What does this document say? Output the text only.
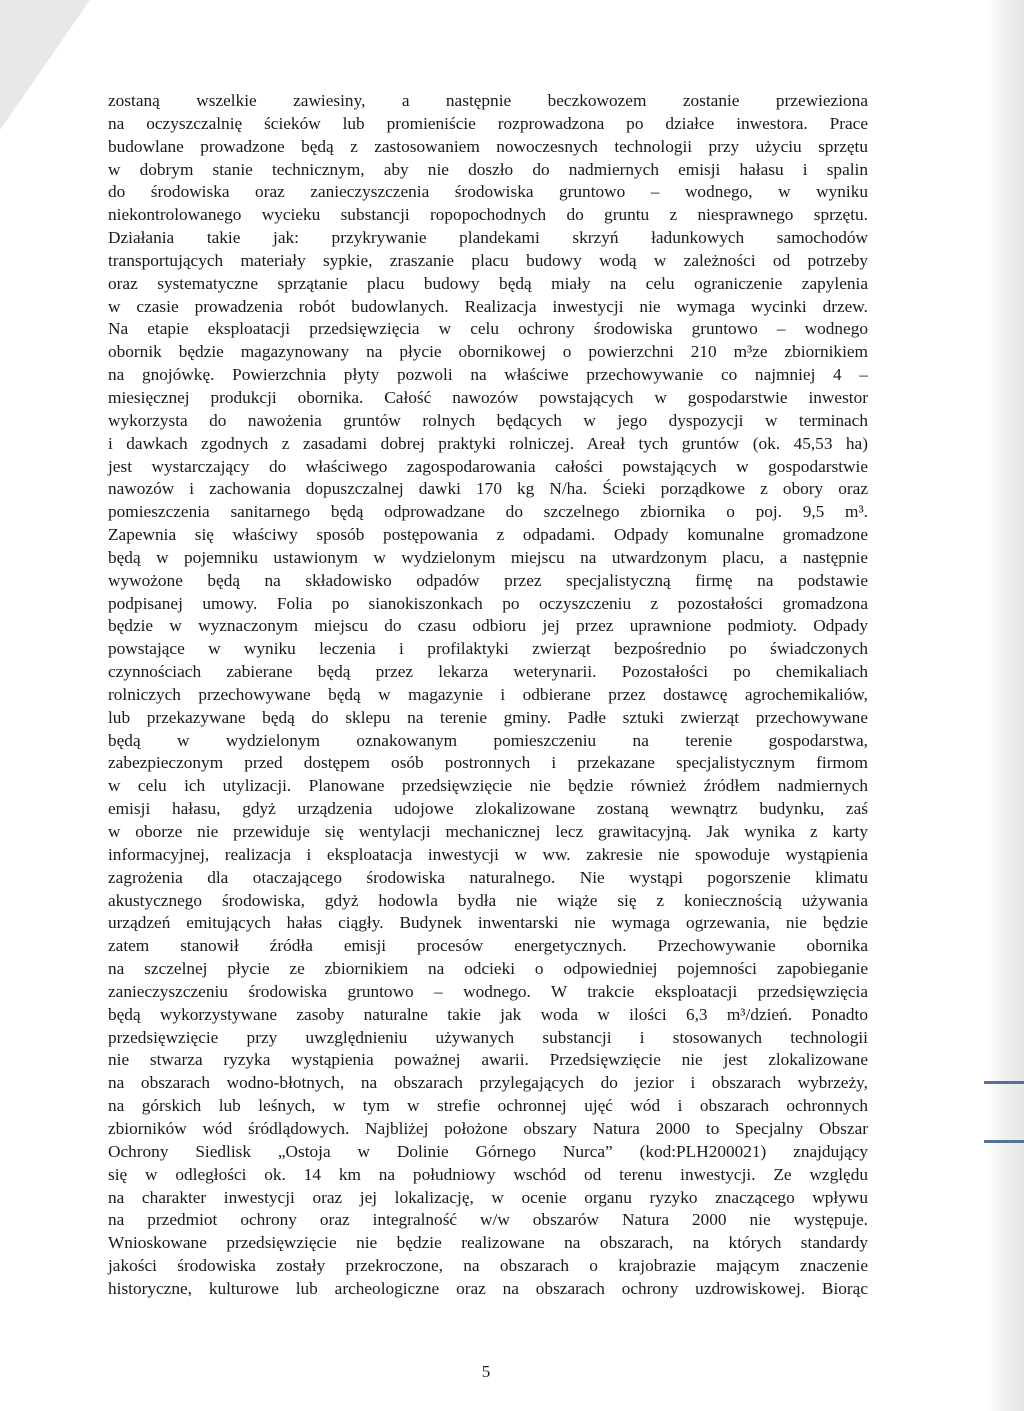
zostaną wszelkie zawiesiny, a następnie beczkowozem zostanie przewieziona
na oczyszczalnię ścieków lub promieniście rozprowadzona po działce inwestora. Prace
budowlane prowadzone będą z zastosowaniem nowoczesnych technologii przy użyciu sprzętu
w dobrym stanie technicznym, aby nie doszło do nadmiernych emisji hałasu i spalin
do środowiska oraz zanieczyszczenia środowiska gruntowo – wodnego, w wyniku
niekontrolowanego wycieku substancji ropopochodnych do gruntu z niesprawnego sprzętu.
Działania takie jak: przykrywanie plandekami skrzyń ładunkowych samochodów
transportujących materiały sypkie, zraszanie placu budowy wodą w zależności od potrzeby
oraz systematyczne sprzątanie placu budowy będą miały na celu ograniczenie zapylenia
w czasie prowadzenia robót budowlanych. Realizacja inwestycji nie wymaga wycinki drzew.
Na etapie eksploatacji przedsięwzięcia w celu ochrony środowiska gruntowo – wodnego
obornik będzie magazynowany na płycie obornikowej o powierzchni 210 m³ze zbiornikiem
na gnojówkę. Powierzchnia płyty pozwoli na właściwe przechowywanie co najmniej 4 –
miesięcznej produkcji obornika. Całość nawozów powstających w gospodarstwie inwestor
wykorzysta do nawożenia gruntów rolnych będących w jego dyspozycji w terminach
i dawkach zgodnych z zasadami dobrej praktyki rolniczej. Areał tych gruntów (ok. 45,53 ha)
jest wystarczający do właściwego zagospodarowania całości powstających w gospodarstwie
nawozów i zachowania dopuszczalnej dawki 170 kg N/ha. Ścieki porządkowe z obory oraz
pomieszczenia sanitarnego będą odprowadzane do szczelnego zbiornika o poj. 9,5 m³.
Zapewnia się właściwy sposób postępowania z odpadami. Odpady komunalne gromadzone
będą w pojemniku ustawionym w wydzielonym miejscu na utwardzonym placu, a następnie
wywożone będą na składowisko odpadów przez specjalistyczną firmę na podstawie
podpisanej umowy. Folia po sianokiszonkach po oczyszczeniu z pozostałości gromadzona
będzie w wyznaczonym miejscu do czasu odbioru jej przez uprawnione podmioty. Odpady
powstające w wyniku leczenia i profilaktyki zwierząt bezpośrednio po świadczonych
czynnościach zabierane będą przez lekarza weterynarii. Pozostałości po chemikaliach
rolniczych przechowywane będą w magazynie i odbierane przez dostawcę agrochemikaliów,
lub przekazywane będą do sklepu na terenie gminy. Padłe sztuki zwierząt przechowywane
będą w wydzielonym oznakowanym pomieszczeniu na terenie gospodarstwa,
zabezpieczonym przed dostępem osób postronnych i przekazane specjalistycznym firmom
w celu ich utylizacji. Planowane przedsięwzięcie nie będzie również źródłem nadmiernych
emisji hałasu, gdyż urządzenia udojowe zlokalizowane zostaną wewnątrz budynku, zaś
w oborze nie przewiduje się wentylacji mechanicznej lecz grawitacyjną. Jak wynika z karty
informacyjnej, realizacja i eksploatacja inwestycji w ww. zakresie nie spowoduje wystąpienia
zagrożenia dla otaczającego środowiska naturalnego. Nie wystąpi pogorszenie klimatu
akustycznego środowiska, gdyż hodowla bydła nie wiąże się z koniecznością używania
urządzeń emitujących hałas ciągły. Budynek inwentarski nie wymaga ogrzewania, nie będzie
zatem stanowił źródła emisji procesów energetycznych. Przechowywanie obornika
na szczelnej płycie ze zbiornikiem na odcieki o odpowiedniej pojemności zapobieganie
zanieczyszczeniu środowiska gruntowo – wodnego. W trakcie eksploatacji przedsięwzięcia
będą wykorzystywane zasoby naturalne takie jak woda w ilości 6,3 m³/dzień. Ponadto
przedsięwzięcie przy uwzględnieniu używanych substancji i stosowanych technologii
nie stwarza ryzyka wystąpienia poważnej awarii. Przedsięwzięcie nie jest zlokalizowane
na obszarach wodno-błotnych, na obszarach przylegających do jezior i obszarach wybrzeży,
na górskich lub leśnych, w tym w strefie ochronnej ujęć wód i obszarach ochronnych
zbiorników wód śródlądowych. Najbliżej położone obszary Natura 2000 to Specjalny Obszar
Ochrony Siedlisk „Ostoja w Dolinie Górnego Nurca” (kod:PLH200021) znajdujący
się w odległości ok. 14 km na południowy wschód od terenu inwestycji. Ze względu
na charakter inwestycji oraz jej lokalizację, w ocenie organu ryzyko znaczącego wpływu
na przedmiot ochrony oraz integralność w/w obszarów Natura 2000 nie występuje.
Wnioskowane przedsięwzięcie nie będzie realizowane na obszarach, na których standardy
jakości środowiska zostały przekroczone, na obszarach o krajobrazie mającym znaczenie
historyczne, kulturowe lub archeologiczne oraz na obszarach ochrony uzdrowiskowej. Biorąc
5
